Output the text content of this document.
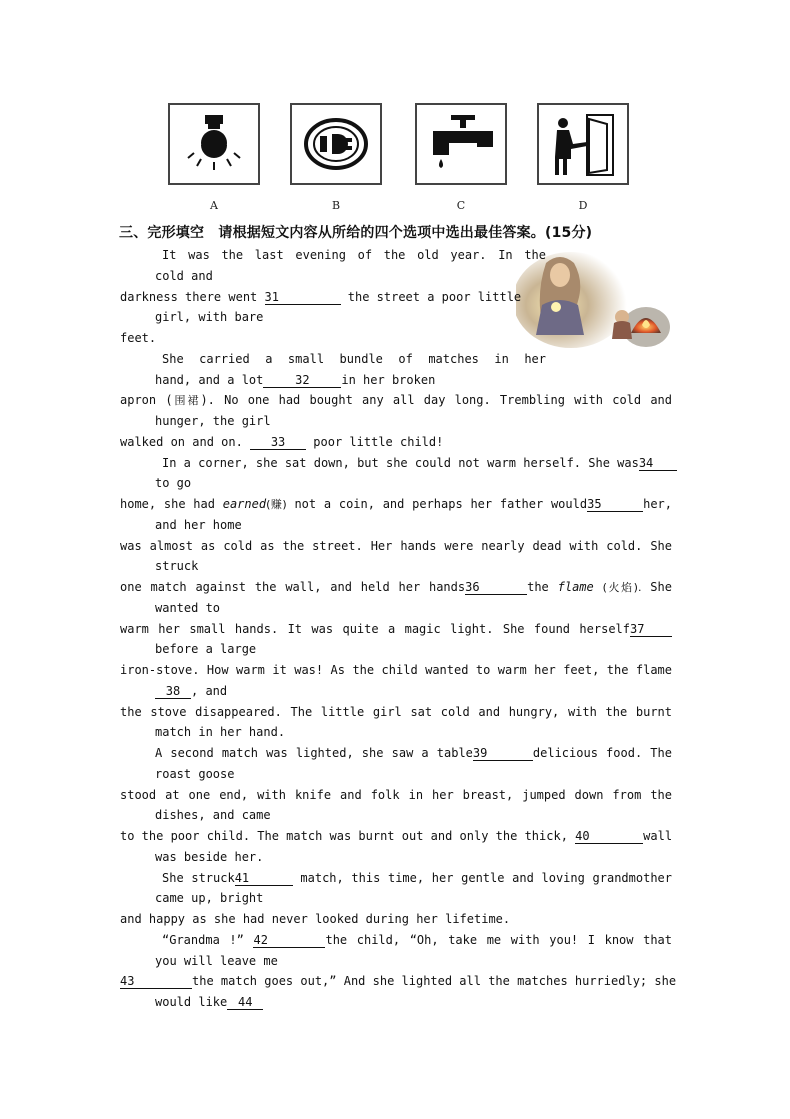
A	B	C	D
三、完形填空　请根据短文内容从所给的四个选项中选出最佳答案。(15分)
It was the last evening of the old year. In the
cold and
darkness there went 31	the street a poor little
girl, with bare
feet.
She carried a small bundle of matches in her
hand, and a lot	32	in her broken
apron (围裙). No one had bought any all day long. Trembling with cold and
hunger, the girl
walked on and on. 33 poor little child!
In a corner, she sat down, but she could not warm herself. She was34
to go
home, she had earned(赚) not a coin, and perhaps her father would35	her,
and her home
was almost as cold as the street. Her hands were nearly dead with cold. She
struck
one match against the wall, and held her hands36	the flame (火焰). She
wanted to
warm her small hands. It was quite a magic light. She found herself37
before a large
iron-stove. How warm it was! As the child wanted to warm her feet, the flame
38 , and
the stove disappeared. The little girl sat cold and hungry, with the burnt
match in her hand.
A second match was lighted, she saw a table39	delicious food. The
roast goose
stood at one end, with knife and folk in her breast, jumped down from the
dishes, and came
to the poor child. The match was burnt out and only the thick, 40	wall
was beside her.
She struck41	match, this time, her gentle and loving grandmother
came up, bright
and happy as she had never looked during her lifetime.
“Grandma !” 42	the child, “Oh, take me with you! I know that
you will leave me
43	the match goes out,” And she lighted all the matches hurriedly; she
would like 44
